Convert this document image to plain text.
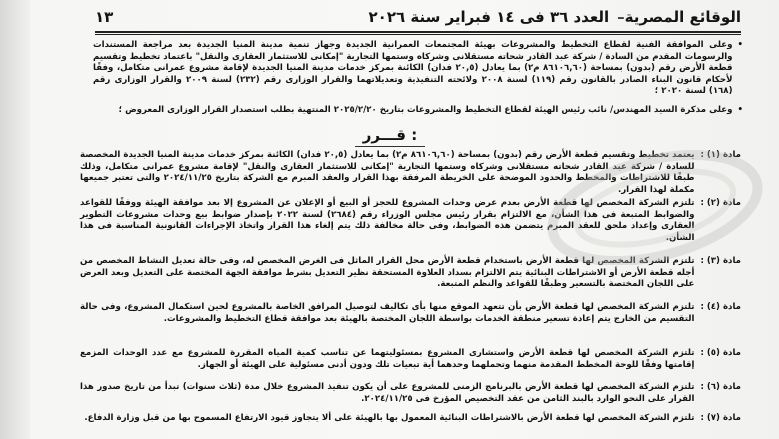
الوقائع المصرية
–
العدد ٣٦ فى ١٤ فبراير سنة ٢٠٢٦
١٣
•
وعلى الموافقة الفنية لقطاع التخطيط والمشروعات بهيئة المجتمعات العمرانية الجديدة وجهاز تنمية مدينة المنيا الجديدة بعد مراجعة المستندات والرسومات المقدم من السادة / شركة عبد القادر شحاته مستقلانى وشركاه وستمها التجارية "إمكانى للاستثمار العقارى والنقل" باعتماد تخطيط وتقسيم قطعة الأرض رقم (بدون) بمساحة (٨٦١٠٦,٦٠ م٢) بما يعادل (٢٠,٥ فدان) الكائنة بمركز خدمات مدينة المنيا الجديدة لإقامة مشروع عمرانى متكامل، وفقًا لأحكام قانون البناء الصادر بالقانون رقم (١١٩) لسنة ٢٠٠٨ ولائحته التنفيذية وتعديلاتهما والقرار الوزارى رقم (٢٣٢) لسنة ٢٠٠٩ والقرار الوزارى رقم (١٦٨) لسنة ٢٠٢٠ ؛
•
وعلى مذكرة السيد المهندس/ نائب رئيس الهيئة لقطاع التخطيط والمشروعات بتاريخ ٢٠٢٥/٢/٢٠ المنتهية بطلب استصدار القرار الوزارى المعروض ؛
قـــرر :
مادة (١) :
يعتمد تخطيط وتقسيم قطعة الأرض رقم (بدون) بمساحة (٨٦١٠٦,٦٠ م٢) بما يعادل (٢٠,٥ فدان) الكائنة بمركز خدمات مدينة المنيا الجديدة المخصصة للسادة / شركة عبد القادر شحاته مستقلانى وشركاه وستمها التجارية "إمكانى للاستثمار العقارى والنقل" لإقامة مشروع عمرانى متكامل، وذلك طبقًا للاشتراطات والمخطط والحدود الموضحة على الخريطة المرفقة بهذا القرار والعقد المبرم مع الشركة بتاريخ ٢٠٢٤/١١/٢٥ والتى تعتبر جميعها مكملة لهذا القرار.
مادة (٢) :
تلتزم الشركة المخصص لها قطعة الأرض بعدم عرض وحدات المشروع للحجز أو البيع أو الإعلان عن المشروع إلا بعد موافقة الهيئة ووفقًا للقواعد والضوابط المتبعة فى هذا الشأن، مع الالتزام بقرار رئيس مجلس الوزراء رقم (٢٦٨٤) لسنة ٢٠٢٢ بإصدار ضوابط بيع وحدات مشروعات التطوير العقارى وإعداد ملحق للعقد المبرم يتضمن هذه الضوابط، وفى حالة مخالفة ذلك يتم إلغاء هذا القرار واتخاذ الإجراءات القانونية المناسبة فى هذا الشأن.
مادة (٣) :
تلتزم الشركة المخصص لها قطعة الأرض باستخدام قطعة الأرض محل القرار الماثل فى الغرض المخصص له، وفى حالة تعديل النشاط المخصص من أجله قطعة الأرض أو الاشتراطات البنائية يتم الالتزام بسداد العلاوة المستحقة نظير التعديل بشرط موافقة الجهة المختصة على التعديل وبعد العرض على اللجان المختصة بالتسعير وطبقًا للقواعد والنظم المتبعة.
مادة (٤) :
تلتزم الشركة المخصص لها قطعة الأرض بأن تتعهد الموقع منها بأى تكاليف لتوصيل المرافق الخاصة بالمشروع لحين استكمال المشروع، وفى حالة التقسيم من الخارج يتم إعادة تسعير منطقة الخدمات بواسطة اللجان المختصة بالهيئة بعد موافقة قطاع التخطيط والمشروعات.
مادة (٥) :
تلتزم الشركة المخصص لها قطعة الأرض واستشارى المشروع بمسئوليتهما عن تناسب كمية المياه المقررة للمشروع مع عدد الوحدات المزمع إقامتها وفقًا للوحة المخطط المقدمة منهما وتحملهما وحدهما أية تبعيات تلك ودون أدنى مسئولية على الهيئة أو الجهاز.
مادة (٦) :
تلتزم الشركة المخصص لها قطعة الأرض بالبرنامج الزمنى للمشروع على أن يكون تنفيذ المشروع خلال مدة (ثلاث سنوات) تبدأ من تاريخ صدور هذا القرار على النحو الوارد بالبند الثامن من عقد التخصيص المؤرخ فى ٢٠٢٤/١١/٢٥.
مادة (٧) :
تلتزم الشركة المخصص لها قطعة الأرض بالاشتراطات البنائية المعمول بها بالهيئة على ألا يتجاوز قيود الارتفاع المسموح بها من قبل وزارة الدفاع.
